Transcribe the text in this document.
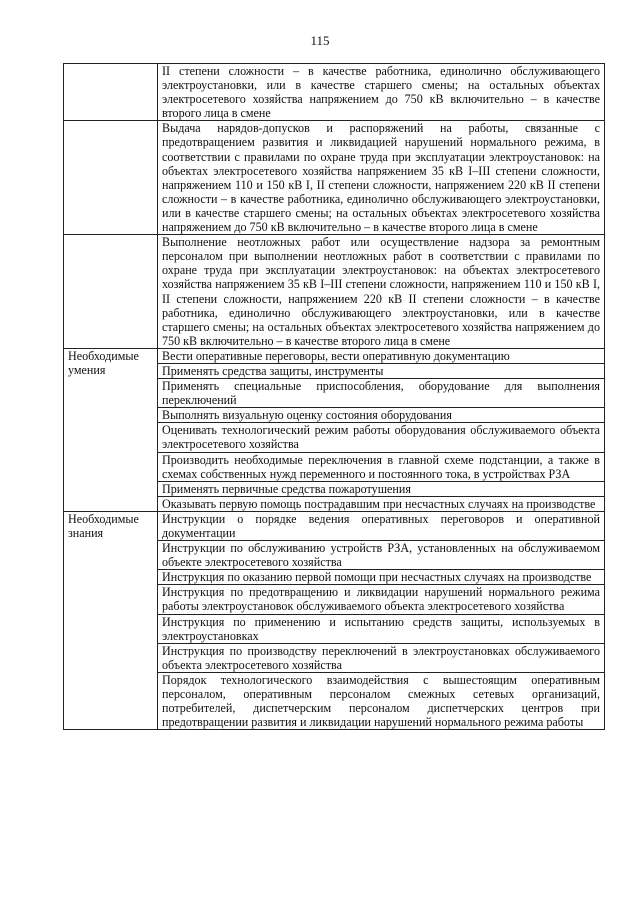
115
	II степени сложности – в качестве работника, единолично обслуживающего электроустановки, или в качестве старшего смены; на остальных объектах электросетевого хозяйства напряжением до 750 кВ включительно – в качестве второго лица в смене
	Выдача нарядов-допусков и распоряжений на работы, связанные с предотвращением развития и ликвидацией нарушений нормального режима, в соответствии с правилами по охране труда при эксплуатации электроустановок: на объектах электросетевого хозяйства напряжением 35 кВ I–III степени сложности, напряжением 110 и 150 кВ I, II степени сложности, напряжением 220 кВ II степени сложности – в качестве работника, единолично обслуживающего электроустановки, или в качестве старшего смены; на остальных объектах электросетевого хозяйства напряжением до 750 кВ включительно – в качестве второго лица в смене
	Выполнение неотложных работ или осуществление надзора за ремонтным персоналом при выполнении неотложных работ в соответствии с правилами по охране труда при эксплуатации электроустановок: на объектах электросетевого хозяйства напряжением 35 кВ I–III степени сложности, напряжением 110 и 150 кВ I, II степени сложности, напряжением 220 кВ II степени сложности – в качестве работника, единолично обслуживающего электроустановки, или в качестве старшего смены; на остальных объектах электросетевого хозяйства напряжением до 750 кВ включительно – в качестве второго лица в смене
Необходимые умения	Вести оперативные переговоры, вести оперативную документацию
	Применять средства защиты, инструменты
	Применять специальные приспособления, оборудование для выполнения переключений
	Выполнять визуальную оценку состояния оборудования
	Оценивать технологический режим работы оборудования обслуживаемого объекта электросетевого хозяйства
	Производить необходимые переключения в главной схеме подстанции, а также в схемах собственных нужд переменного и постоянного тока, в устройствах РЗА
	Применять первичные средства пожаротушения
	Оказывать первую помощь пострадавшим при несчастных случаях на производстве
Необходимые знания	Инструкции о порядке ведения оперативных переговоров и оперативной документации
	Инструкции по обслуживанию устройств РЗА, установленных на обслуживаемом объекте электросетевого хозяйства
	Инструкция по оказанию первой помощи при несчастных случаях на производстве
	Инструкция по предотвращению и ликвидации нарушений нормального режима работы электроустановок обслуживаемого объекта электросетевого хозяйства
	Инструкция по применению и испытанию средств защиты, используемых в электроустановках
	Инструкция по производству переключений в электроустановках обслуживаемого объекта электросетевого хозяйства
	Порядок технологического взаимодействия с вышестоящим оперативным персоналом, оперативным персоналом смежных сетевых организаций, потребителей, диспетчерским персоналом диспетчерских центров при предотвращении развития и ликвидации нарушений нормального режима работы
